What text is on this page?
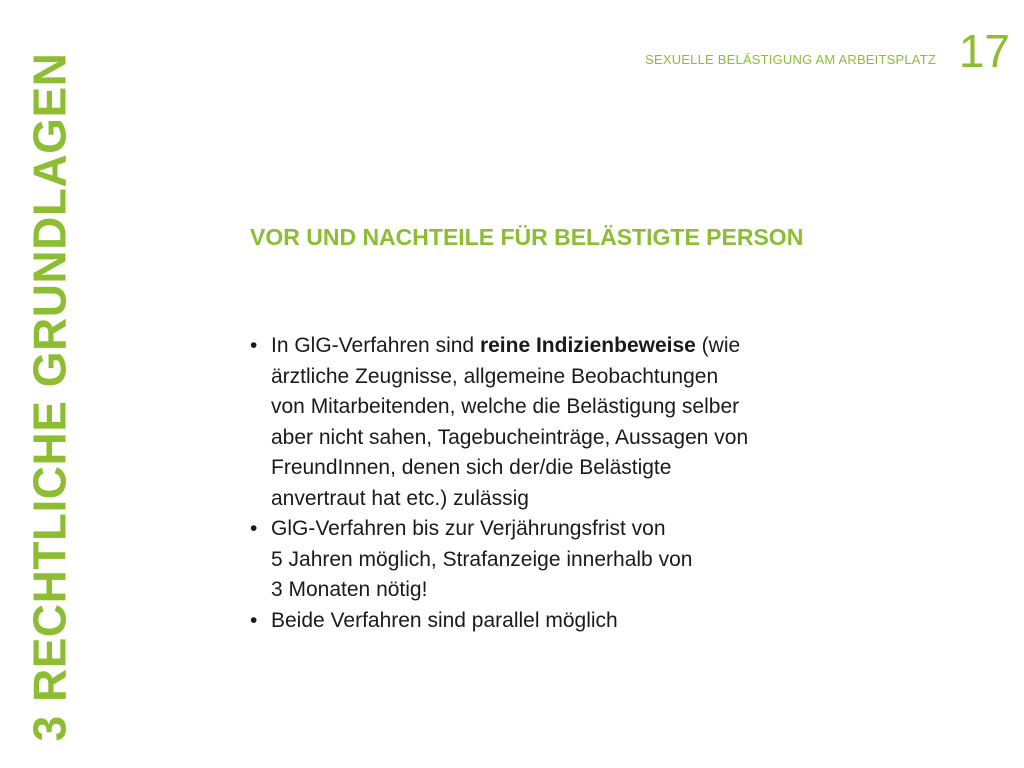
3 RECHTLICHE GRUNDLAGEN	SEXUELLE BELÄSTIGUNG AM ARBEITSPLATZ 17
VOR UND NACHTEILE FÜR BELÄSTIGTE PERSON
• In GlG-Verfahren sind reine Indizienbeweise (wie
ärztliche Zeugnisse, allgemeine Beobachtungen
von Mitarbeitenden, welche die Belästigung selber
aber nicht sahen, Tagebucheinträge, Aussagen von
FreundInnen, denen sich der/die Belästigte
anvertraut hat etc.) zulässig
• GlG-Verfahren bis zur Verjährungsfrist von
5 Jahren möglich, Strafanzeige innerhalb von
3 Monaten nötig!
• Beide Verfahren sind parallel möglich
